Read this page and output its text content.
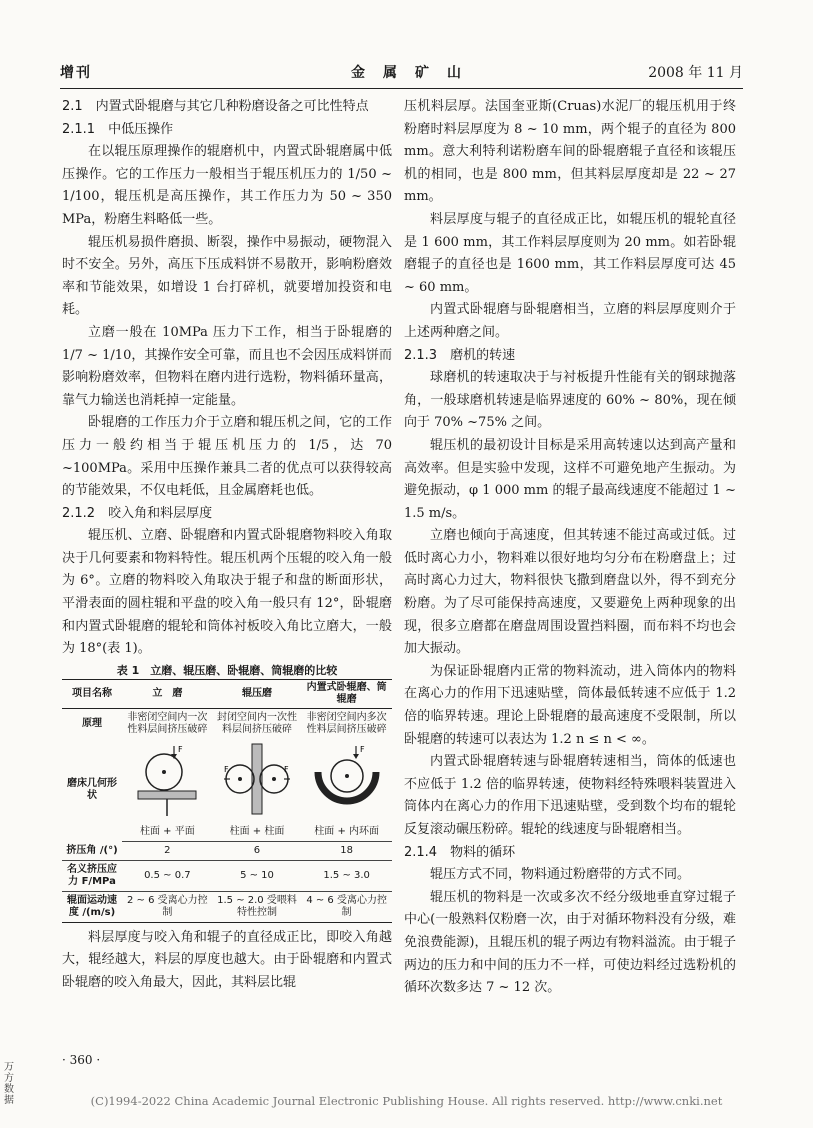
增刊	金属矿山	2008 年 11 月
2.1　内置式卧辊磨与其它几种粉磨设备之可比性特点
2.1.1　中低压操作

在以辊压原理操作的辊磨机中，内置式卧辊磨属中低压操作。它的工作压力一般相当于辊压机压力的 1/50 ~ 1/100，辊压机是高压操作，其工作压力为 50 ~ 350 MPa，粉磨生料略低一些。

辊压机易损件磨损、断裂，操作中易振动，硬物混入时不安全。另外，高压下压成料饼不易散开，影响粉磨效率和节能效果，如增设 1 台打碎机，就要增加投资和电耗。

立磨一般在 10MPa 压力下工作，相当于卧辊磨的 1/7 ~ 1/10，其操作安全可靠，而且也不会因压成料饼而影响粉磨效率，但物料在磨内进行选粉，物料循环量高，靠气力输送也消耗掉一定能量。

卧辊磨的工作压力介于立磨和辊压机之间，它的工作压力一般约相当于辊压机压力的 1/5，达 70 ~100MPa。采用中压操作兼具二者的优点可以获得较高的节能效果，不仅电耗低，且金属磨耗也低。

2.1.2　咬入角和料层厚度

辊压机、立磨、卧辊磨和内置式卧辊磨物料咬入角取决于几何要素和物料特性。辊压机两个压辊的咬入角一般为 6°。立磨的物料咬入角取决于辊子和盘的断面形状，平滑表面的圆柱辊和平盘的咬入角一般只有 12°，卧辊磨和内置式卧辊磨的辊轮和筒体衬板咬入角比立磨大，一般为 18°(表 1)。

表 1　立磨、辊压磨、卧辊磨、筒辊磨的比较
项目名称	立　磨	辊压磨	内置式卧辊磨、筒辊磨
原理	非密闭空间内一次性料层间挤压破碎	封闭空间内一次性料层间挤压破碎	非密闭空间内多次性料层间挤压破碎
磨床几何形状	F	F F	F

	柱面 + 平面	柱面 + 柱面	柱面 + 内环面
挤压角 /(°)	2	6	18
名义挤压应力 F/MPa	0.5 ~ 0.7	5 ~ 10	1.5 ~ 3.0
辊面运动速度 /(m/s)	2 ~ 6 受离心力控制	1.5 ~ 2.0 受喂料特性控制	4 ~ 6 受离心力控制

料层厚度与咬入角和辊子的直径成正比，即咬入角越大，辊经越大，料层的厚度也越大。由于卧辊磨和内置式卧辊磨的咬入角最大，因此，其料层比辊

压机料层厚。法国奎亚斯(Cruas)水泥厂的辊压机用于终粉磨时料层厚度为 8 ~ 10 mm，两个辊子的直径为 800 mm。意大利特利诺粉磨车间的卧辊磨辊子直径和该辊压机的相同，也是 800 mm，但其料层厚度却是 22 ~ 27 mm。

料层厚度与辊子的直径成正比，如辊压机的辊轮直径是 1 600 mm，其工作料层厚度则为 20 mm。如若卧辊磨辊子的直径也是 1600 mm，其工作料层厚度可达 45 ~ 60 mm。

内置式卧辊磨与卧辊磨相当，立磨的料层厚度则介于上述两种磨之间。

2.1.3　磨机的转速

球磨机的转速取决于与衬板提升性能有关的钢球抛落角，一般球磨机转速是临界速度的 60% ~ 80%，现在倾向于 70% ~75% 之间。

辊压机的最初设计目标是采用高转速以达到高产量和高效率。但是实验中发现，这样不可避免地产生振动。为避免振动，φ 1 000 mm 的辊子最高线速度不能超过 1 ~ 1.5 m/s。

立磨也倾向于高速度，但其转速不能过高或过低。过低时离心力小，物料难以很好地均匀分布在粉磨盘上；过高时离心力过大，物料很快飞撒到磨盘以外，得不到充分粉磨。为了尽可能保持高速度，又要避免上两种现象的出现，很多立磨都在磨盘周围设置挡料圈，而布料不均也会加大振动。

为保证卧辊磨内正常的物料流动，进入筒体内的物料在离心力的作用下迅速贴壁，筒体最低转速不应低于 1.2 倍的临界转速。理论上卧辊磨的最高速度不受限制，所以卧辊磨的转速可以表达为 1.2 n ≤ n < ∞。

内置式卧辊磨转速与卧辊磨转速相当，筒体的低速也不应低于 1.2 倍的临界转速，使物料经特殊喂料装置进入筒体内在离心力的作用下迅速贴壁，受到数个均布的辊轮反复滚动碾压粉碎。辊轮的线速度与卧辊磨相当。

2.1.4　物料的循环

辊压方式不同，物料通过粉磨带的方式不同。

辊压机的物料是一次或多次不经分级地垂直穿过辊子中心(一般熟料仅粉磨一次，由于对循环物料没有分级，难免浪费能源)，且辊压机的辊子两边有物料溢流。由于辊子两边的压力和中间的压力不一样，可使边料经过选粉机的循环次数多达 7 ~ 12 次。

· 360 ·
万方数据	(C)1994-2022 China Academic Journal Electronic Publishing House. All rights reserved. http://www.cnki.net
